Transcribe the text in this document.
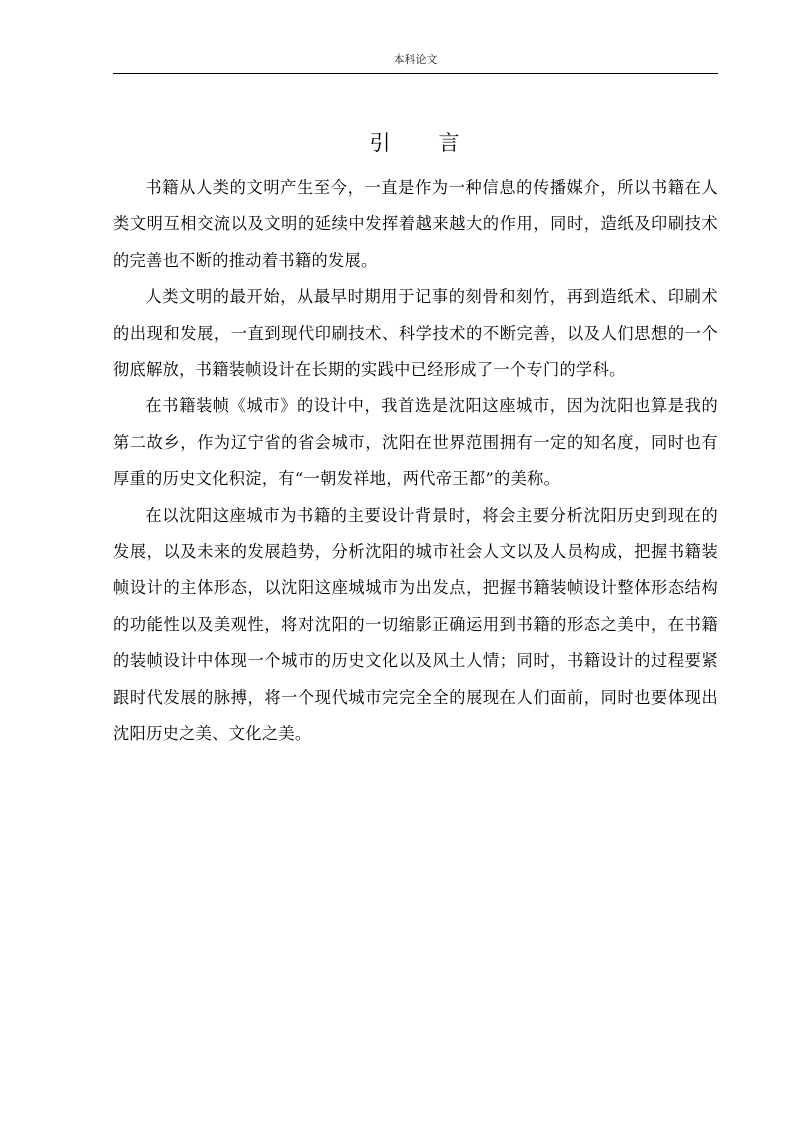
本科论文
引　　言

书籍从人类的文明产生至今，一直是作为一种信息的传播媒介，所以书籍在人类文明互相交流以及文明的延续中发挥着越来越大的作用，同时，造纸及印刷技术的完善也不断的推动着书籍的发展。

人类文明的最开始，从最早时期用于记事的刻骨和刻竹，再到造纸术、印刷术的出现和发展，一直到现代印刷技术、科学技术的不断完善，以及人们思想的一个彻底解放，书籍装帧设计在长期的实践中已经形成了一个专门的学科。

在书籍装帧《城市》的设计中，我首选是沈阳这座城市，因为沈阳也算是我的第二故乡，作为辽宁省的省会城市，沈阳在世界范围拥有一定的知名度，同时也有厚重的历史文化积淀，有“一朝发祥地，两代帝王都”的美称。

在以沈阳这座城市为书籍的主要设计背景时，将会主要分析沈阳历史到现在的发展，以及未来的发展趋势，分析沈阳的城市社会人文以及人员构成，把握书籍装帧设计的主体形态，以沈阳这座城城市为出发点，把握书籍装帧设计整体形态结构的功能性以及美观性，将对沈阳的一切缩影正确运用到书籍的形态之美中，在书籍的装帧设计中体现一个城市的历史文化以及风土人情；同时，书籍设计的过程要紧跟时代发展的脉搏，将一个现代城市完完全全的展现在人们面前，同时也要体现出沈阳历史之美、文化之美。
